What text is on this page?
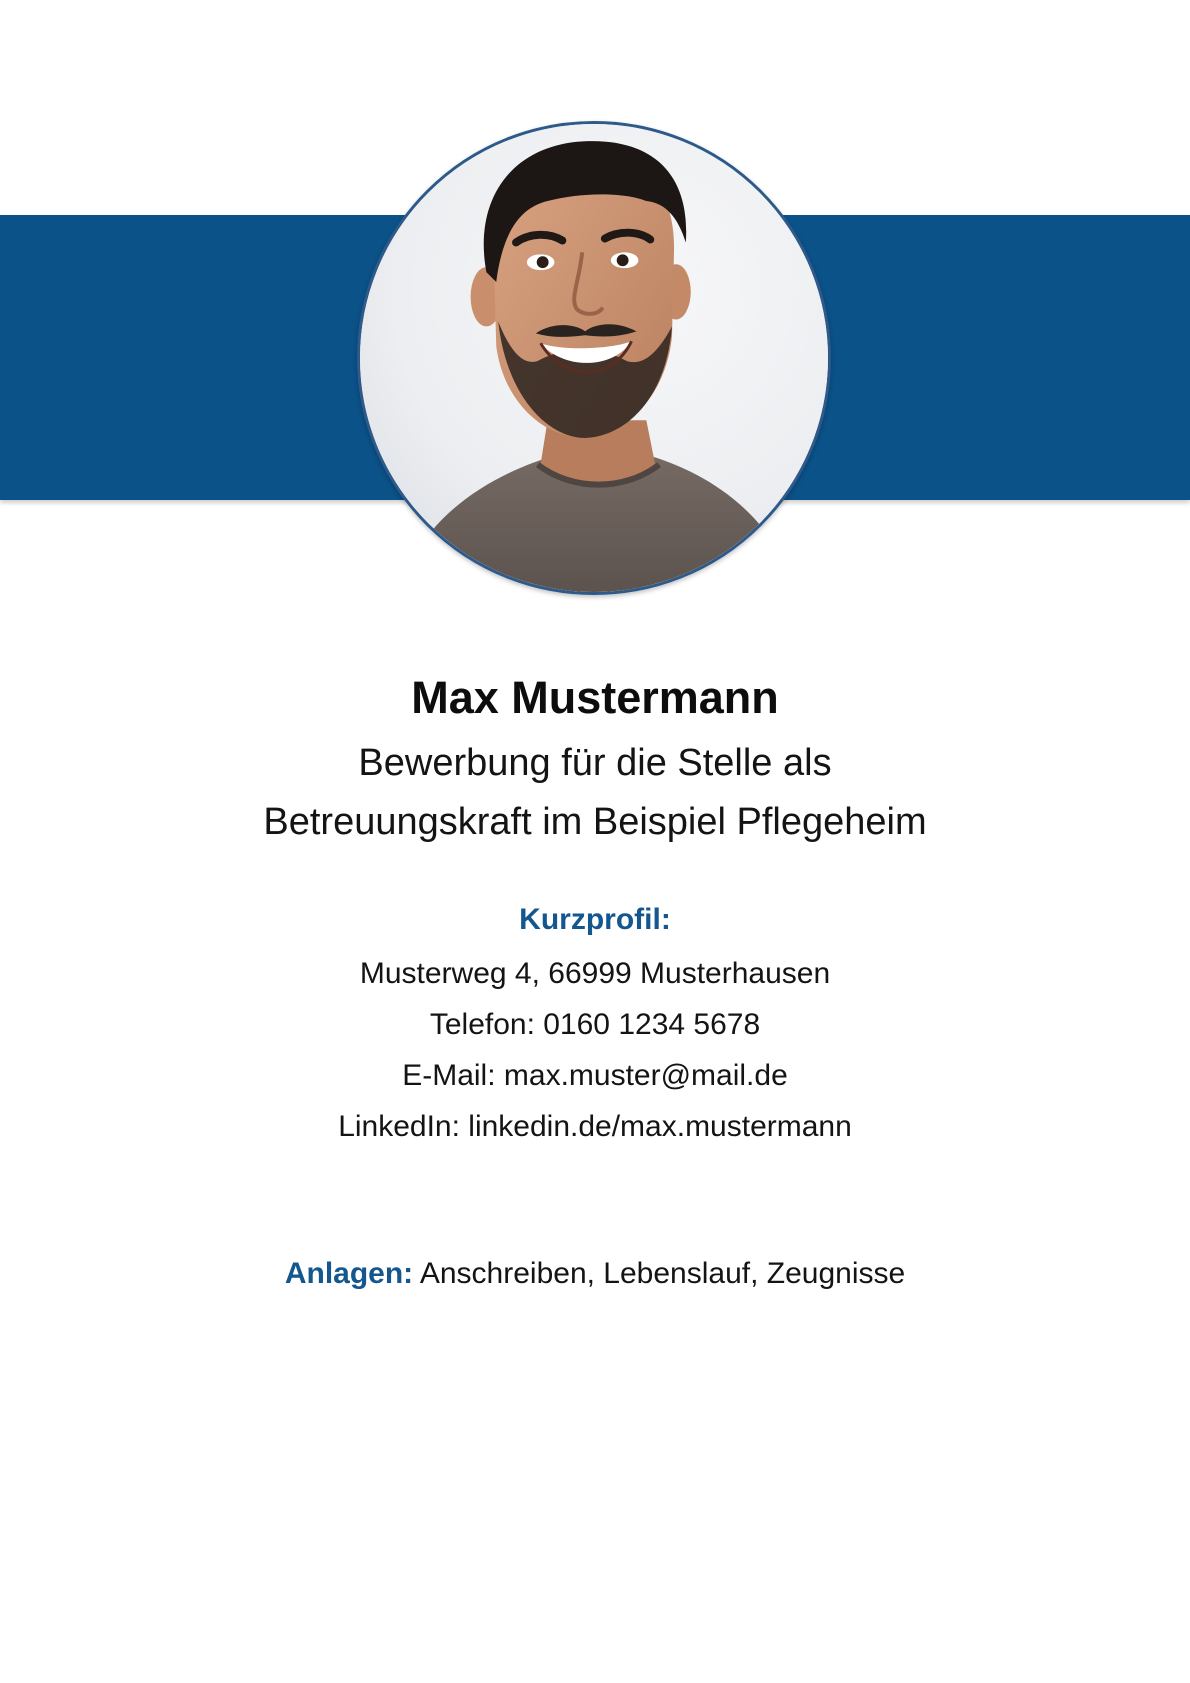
Max Mustermann
Bewerbung für die Stelle als
Betreuungskraft im Beispiel Pflegeheim
Kurzprofil:
Musterweg 4, 66999 Musterhausen
Telefon: 0160 1234 5678
E-Mail: max.muster@mail.de
LinkedIn: linkedin.de/max.mustermann
Anlagen: Anschreiben, Lebenslauf, Zeugnisse
